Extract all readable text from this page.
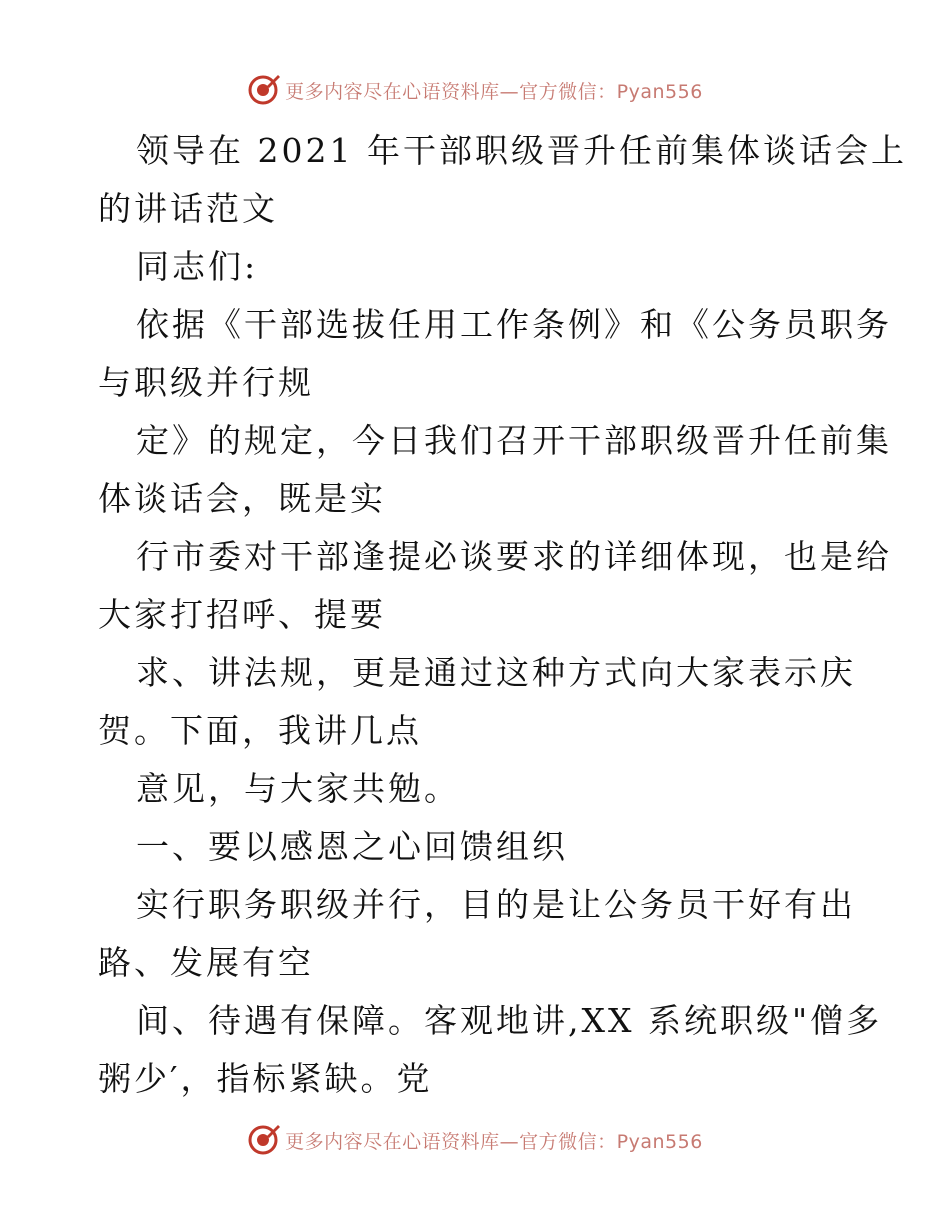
更多内容尽在心语资料库—官方微信：Pyan556
领导在 2021 年干部职级晋升任前集体谈话会上
的讲话范文
同志们:
依据《干部选拔任用工作条例》和《公务员职务
与职级并行规
定》的规定，今日我们召开干部职级晋升任前集
体谈话会，既是实
行市委对干部逢提必谈要求的详细体现，也是给
大家打招呼、提要
求、讲法规，更是通过这种方式向大家表示庆
贺。下面，我讲几点
意见，与大家共勉。
一、要以感恩之心回馈组织
实行职务职级并行，目的是让公务员干好有出
路、发展有空
间、待遇有保障。客观地讲,XX 系统职级"僧多
粥少′，指标紧缺。党
更多内容尽在心语资料库—官方微信：Pyan556
